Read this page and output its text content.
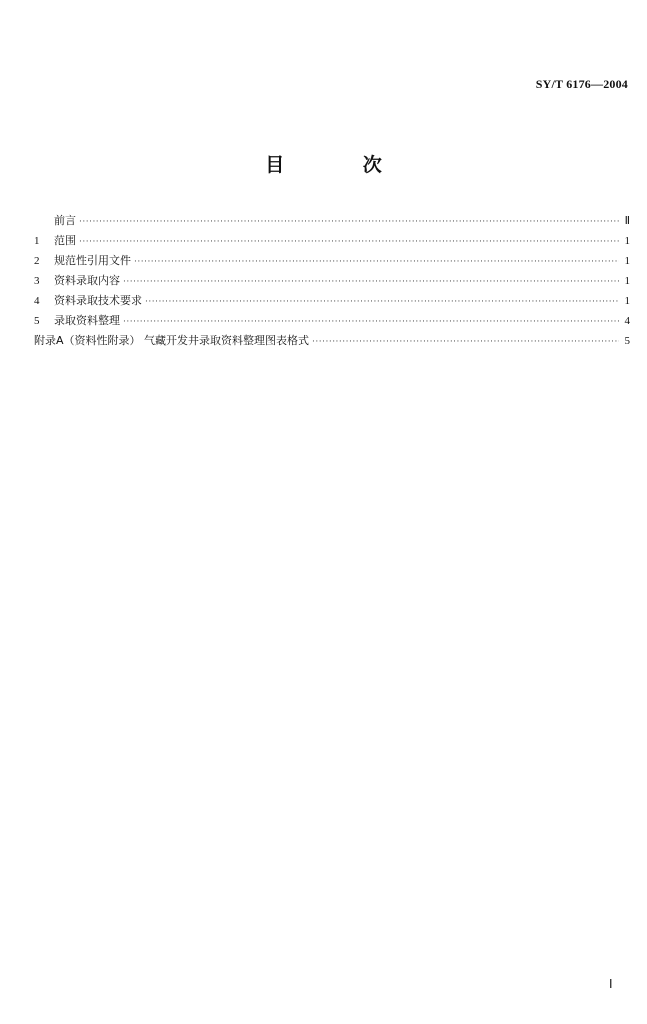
SY/T 6176—2004
目 次
前言 ·····	Ⅱ
1	范围 ·····	1
2	规范性引用文件 ·····	1
3	资料录取内容 ·····	1
4	资料录取技术要求 ·····	1
5	录取资料整理 ·····	4
附录A（资料性附录） 气藏开发井录取资料整理图表格式 ·····	5
Ⅰ
